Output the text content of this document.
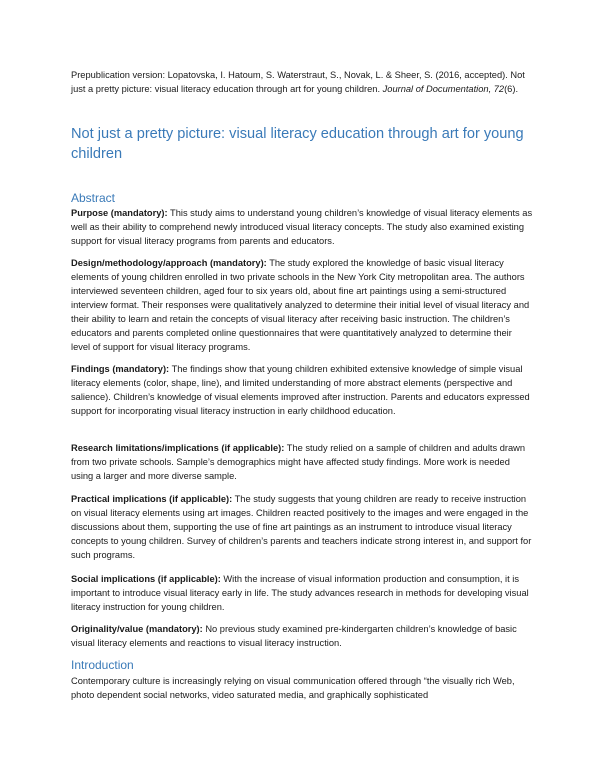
Prepublication version: Lopatovska, I. Hatoum, S. Waterstraut, S., Novak, L. & Sheer, S. (2016, accepted). Not just a pretty picture: visual literacy education through art for young children. Journal of Documentation, 72(6).
Not just a pretty picture: visual literacy education through art for young children
Abstract

Purpose (mandatory): This study aims to understand young children’s knowledge of visual literacy elements as well as their ability to comprehend newly introduced visual literacy concepts. The study also examined existing support for visual literacy programs from parents and educators.

Design/methodology/approach (mandatory): The study explored the knowledge of basic visual literacy elements of young children enrolled in two private schools in the New York City metropolitan area. The authors interviewed seventeen children, aged four to six years old, about fine art paintings using a semi-structured interview format. Their responses were qualitatively analyzed to determine their initial level of visual literacy and their ability to learn and retain the concepts of visual literacy after receiving basic instruction. The children’s educators and parents completed online questionnaires that were quantitatively analyzed to determine their level of support for visual literacy programs.

Findings (mandatory): The findings show that young children exhibited extensive knowledge of simple visual literacy elements (color, shape, line), and limited understanding of more abstract elements (perspective and salience). Children’s knowledge of visual elements improved after instruction. Parents and educators expressed support for incorporating visual literacy instruction in early childhood education.

Research limitations/implications (if applicable): The study relied on a sample of children and adults drawn from two private schools. Sample’s demographics might have affected study findings. More work is needed using a larger and more diverse sample.

Practical implications (if applicable): The study suggests that young children are ready to receive instruction on visual literacy elements using art images. Children reacted positively to the images and were engaged in the discussions about them, supporting the use of fine art paintings as an instrument to introduce visual literacy concepts to young children. Survey of children’s parents and teachers indicate strong interest in, and support for such programs.

Social implications (if applicable): With the increase of visual information production and consumption, it is important to introduce visual literacy early in life. The study advances research in methods for developing visual literacy instruction for young children.

Originality/value (mandatory): No previous study examined pre-kindergarten children’s knowledge of basic visual literacy elements and reactions to visual literacy instruction.

Introduction

Contemporary culture is increasingly relying on visual communication offered through “the visually rich Web, photo dependent social networks, video saturated media, and graphically sophisticated
